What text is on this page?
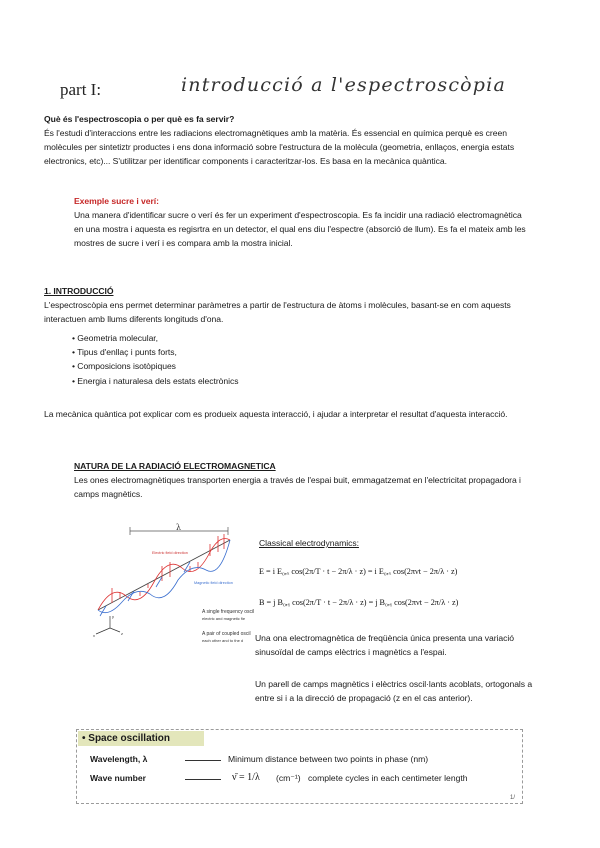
part I:	introducció a l'espectroscòpia
Què és l'espectroscopia o per què es fa servir?
És l'estudi d'interaccions entre les radiacions electromagnètiques amb la matèria. És essencial en química perquè es creen
molècules per sintetiztr productes i ens dona informació sobre l'estructura de la molècula (geometria, enllaços, energia estats
electronics, etc)... S'utilitzar per identificar components i caracteritzar-los. Es basa en la mecànica quàntica.
Exemple sucre i verí:
Una manera d'identificar sucre o verí és fer un experiment d'espectroscopia. Es fa incidir una radiació electromagnètica
en una mostra i aquesta es regisrtra en un detector, el qual ens diu l'espectre (absorció de llum). Es fa el mateix amb les
mostres de sucre i verí i es compara amb la mostra inicial.
1. INTRODUCCIÓ
L'espectroscòpia ens permet determinar paràmetres a partir de l'estructura de àtoms i molècules, basant-se en com aquests
interactuen amb llums diferents longituds d'ona.
• Geometria molecular,
• Tipus d'enllaç i punts forts,
• Composicions isotòpiques
• Energia i naturalesa dels estats electrònics
La mecànica quàntica pot explicar com es produeix aquesta interacció, i ajudar a interpretar el resultat d'aquesta interacció.
NATURA DE LA RADIACIÓ ELECTROMAGNETICA
Les ones electromagnètiques transporten energia a través de l'espai buit, emmagatzemat en l'electricitat propagadora i
camps magnètics.
λ
Electric field direction
Magnetic field direction
A single frequency oscil
electric and magnetic fie
A pair of coupled oscil
each other and to the d
x
y
z
Classical electrodynamics:
E = i E₀,ₓ cos(2π/T · t − 2π/λ · z) = i E₀,ₓ cos(2πνt − 2π/λ · z)
B = j B₀,ᵧ cos(2π/T · t − 2π/λ · z) = j B₀,ᵧ cos(2πνt − 2π/λ · z)
Una ona electromagnètica de freqüència única presenta una variació
sinusoïdal de camps elèctrics i magnètics a l'espai.
Un parell de camps magnètics i elèctrics oscil·lants acoblats, ortogonals a
entre si i a la direcció de propagació (z en el cas anterior).
• Space oscillation
Wavelength, λ	Minimum distance between two points in phase (nm)
Wave number	ν̄ = 1/λ (cm⁻¹) complete cycles in each centimeter length
1/
